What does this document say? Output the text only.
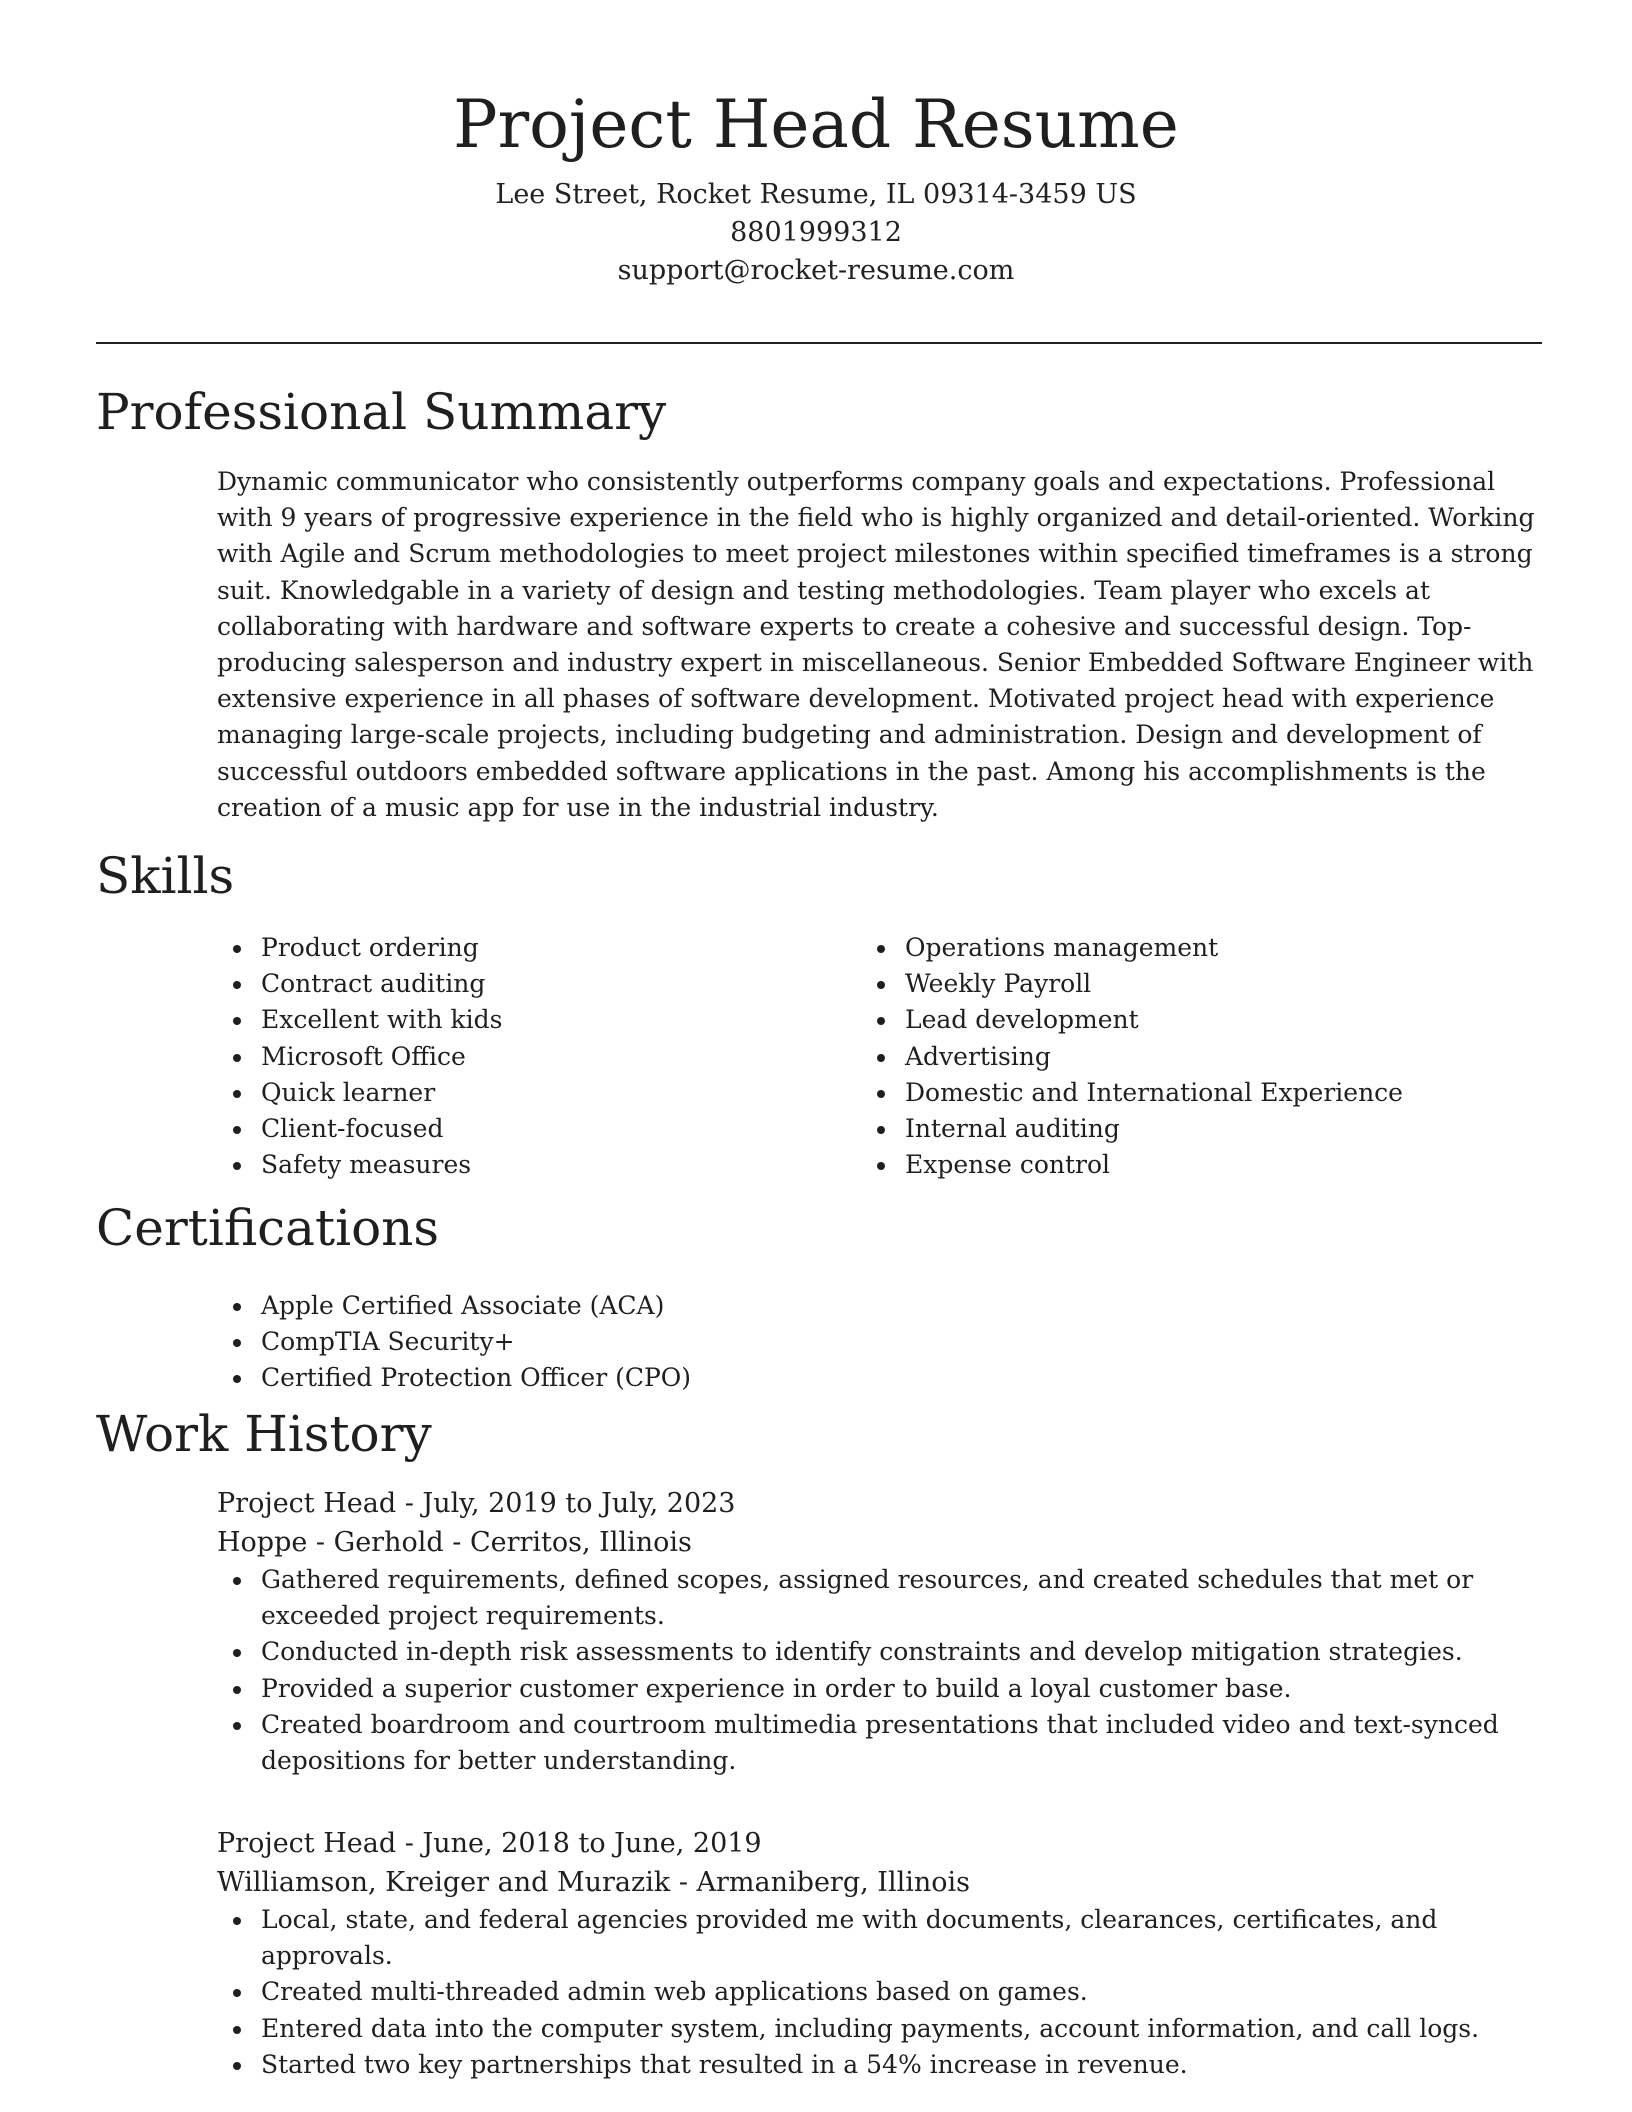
Project Head Resume
Lee Street, Rocket Resume, IL 09314-3459 US
8801999312
support@rocket-resume.com
Professional Summary

Dynamic communicator who consistently outperforms company goals and expectations. Professional with 9 years of progressive experience in the field who is highly organized and detail-oriented. Working with Agile and Scrum methodologies to meet project milestones within specified timeframes is a strong suit. Knowledgable in a variety of design and testing methodologies. Team player who excels at collaborating with hardware and software experts to create a cohesive and successful design. Top-producing salesperson and industry expert in miscellaneous. Senior Embedded Software Engineer with extensive experience in all phases of software development. Motivated project head with experience managing large-scale projects, including budgeting and administration. Design and development of successful outdoors embedded software applications in the past. Among his accomplishments is the creation of a music app for use in the industrial industry.

Skills
Product ordering
Contract auditing
Excellent with kids
Microsoft Office
Quick learner
Client-focused
Safety measures
Operations management
Weekly Payroll
Lead development
Advertising
Domestic and International Experience
Internal auditing
Expense control
Certifications
Apple Certified Associate (ACA)
CompTIA Security+
Certified Protection Officer (CPO)
Work History
Project Head - July, 2019 to July, 2023
Hoppe - Gerhold - Cerritos, Illinois
Gathered requirements, defined scopes, assigned resources, and created schedules that met or exceeded project requirements.
Conducted in-depth risk assessments to identify constraints and develop mitigation strategies.
Provided a superior customer experience in order to build a loyal customer base.
Created boardroom and courtroom multimedia presentations that included video and text-synced depositions for better understanding.
Project Head - June, 2018 to June, 2019
Williamson, Kreiger and Murazik - Armaniberg, Illinois
Local, state, and federal agencies provided me with documents, clearances, certificates, and approvals.
Created multi-threaded admin web applications based on games.
Entered data into the computer system, including payments, account information, and call logs.
Started two key partnerships that resulted in a 54% increase in revenue.
